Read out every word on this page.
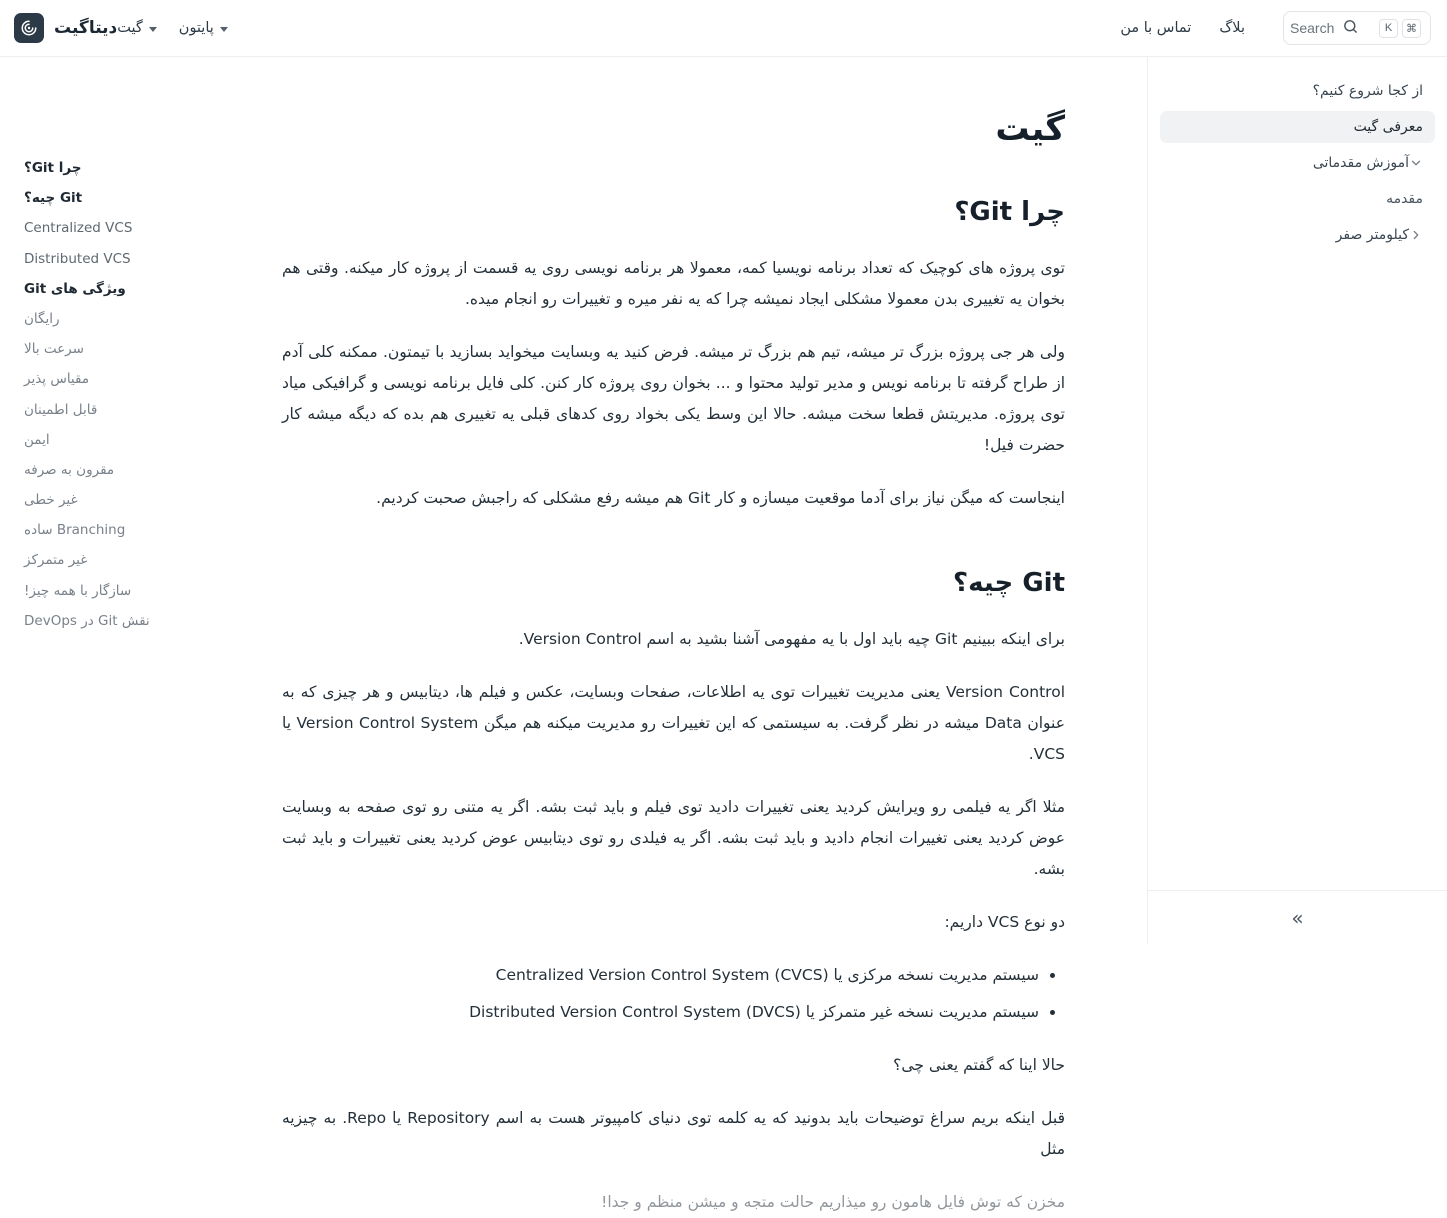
دیتاگیت گیت پایتون	تماس با من بلاگ	Search	⌘
K
از کجا شروع کنیم؟
معرفی گیت
آموزش مقدماتی
مقدمه
کیلومتر صفر
»
گیت
چرا Git؟

توی پروژه های کوچیک که تعداد برنامه نویسیا کمه، معمولا هر برنامه نویسی روی یه قسمت از پروژه کار میکنه. وقتی هم بخوان یه تغییری بدن معمولا مشکلی ایجاد نمیشه چرا که یه نفر میره و تغییرات رو انجام میده.

ولی هر جی پروژه بزرگ تر میشه، تیم هم بزرگ تر میشه. فرض کنید یه وبسایت میخواید بسازید با تیمتون. ممکنه کلی آدم از طراح گرفته تا برنامه نویس و مدیر تولید محتوا و ... بخوان روی پروژه کار کنن. کلی فایل برنامه نویسی و گرافیکی میاد توی پروژه. مدیریتش قطعا سخت میشه. حالا این وسط یکی بخواد روی کدهای قبلی یه تغییری هم بده که دیگه میشه کار حضرت فیل!

اینجاست که میگن نیاز برای آدما موقعیت میسازه و کار Git هم میشه رفع مشکلی که راجبش صحبت کردیم.

Git چیه؟

برای اینکه ببینیم Git چیه باید اول با یه مفهومی آشنا بشید به اسم Version Control.

Version Control یعنی مدیریت تغییرات توی یه اطلاعات، صفحات وبسایت، عکس و فیلم ها، دیتابیس و هر چیزی که به عنوان Data میشه در نظر گرفت. به سیستمی که این تغییرات رو مدیریت میکنه هم میگن Version Control System یا VCS.

مثلا اگر یه فیلمی رو ویرایش کردید یعنی تغییرات دادید توی فیلم و باید ثبت بشه. اگر یه متنی رو توی صفحه به وبسایت عوض کردید یعنی تغییرات انجام دادید و باید ثبت بشه. اگر یه فیلدی رو توی دیتابیس عوض کردید یعنی تغییرات و باید ثبت بشه.

دو نوع VCS داریم:

• سیستم مدیریت نسخه مرکزی یا Centralized Version Control System (CVCS)
• سیستم مدیریت نسخه غیر متمرکز یا Distributed Version Control System (DVCS)

حالا اینا که گفتم یعنی چی؟

قبل اینکه بریم سراغ توضیحات باید بدونید که یه کلمه توی دنیای کامپیوتر هست به اسم Repository یا Repo. به چیزیه مثل

مخزن که توش فایل هامون رو میذاریم حالت متجه و میشن منظم و جدا!
چرا Git؟
Git چیه؟
Centralized VCS
Distributed VCS
ویژگی های Git
رایگان
سرعت بالا
مقیاس پذیر
قابل اطمینان
ایمن
مقرون به صرفه
غیر خطی
Branching ساده
غیر متمرکز
سازگار با همه چیز!
نقش Git در DevOps
